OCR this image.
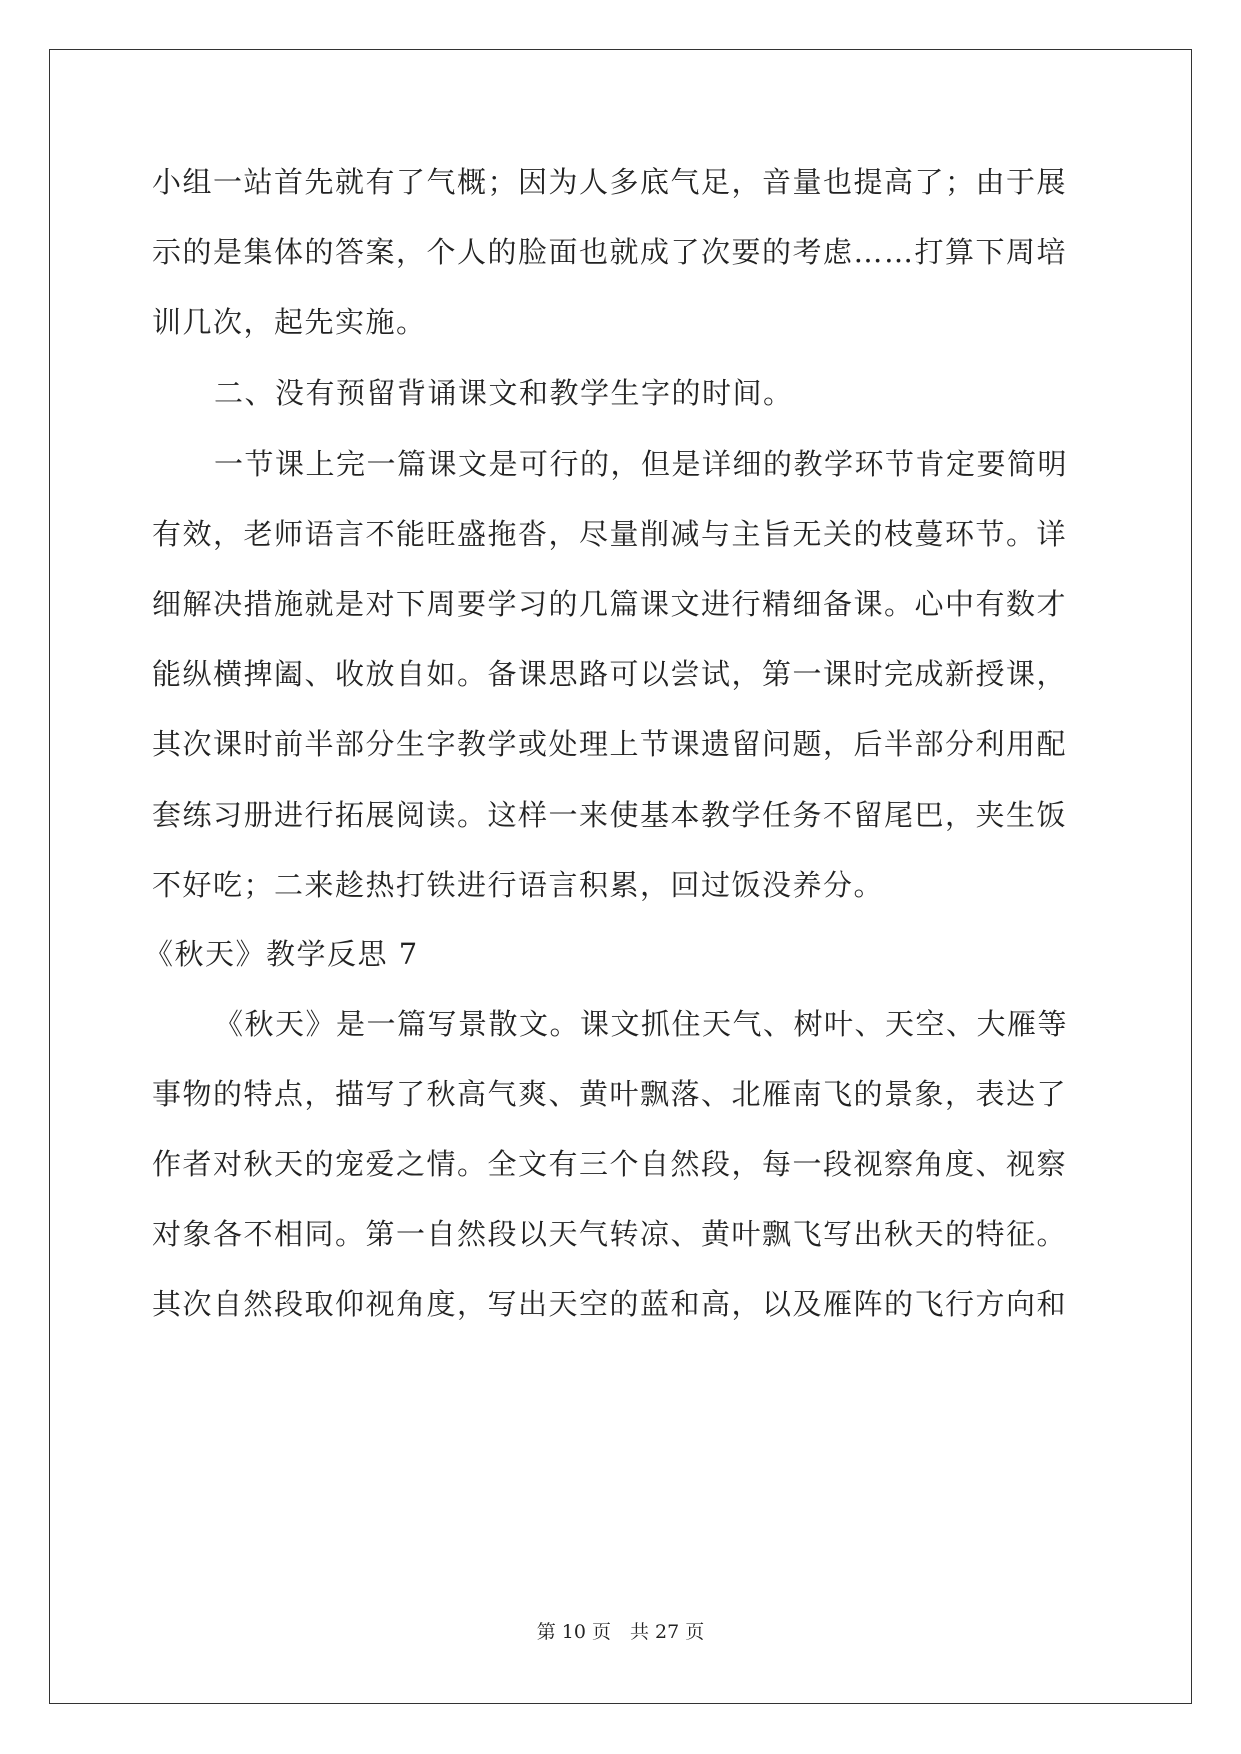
小组一站首先就有了气概；因为人多底气足，音量也提高了；由于展
示的是集体的答案，个人的脸面也就成了次要的考虑……打算下周培
训几次，起先实施。
二、没有预留背诵课文和教学生字的时间。
一节课上完一篇课文是可行的，但是详细的教学环节肯定要简明
有效，老师语言不能旺盛拖沓，尽量削减与主旨无关的枝蔓环节。详
细解决措施就是对下周要学习的几篇课文进行精细备课。心中有数才
能纵横捭阖、收放自如。备课思路可以尝试，第一课时完成新授课，
其次课时前半部分生字教学或处理上节课遗留问题，后半部分利用配
套练习册进行拓展阅读。这样一来使基本教学任务不留尾巴，夹生饭
不好吃；二来趁热打铁进行语言积累，回过饭没养分。
《秋天》教学反思 7
《秋天》是一篇写景散文。课文抓住天气、树叶、天空、大雁等
事物的特点，描写了秋高气爽、黄叶飘落、北雁南飞的景象，表达了
作者对秋天的宠爱之情。全文有三个自然段，每一段视察角度、视察
对象各不相同。第一自然段以天气转凉、黄叶飘飞写出秋天的特征。
其次自然段取仰视角度，写出天空的蓝和高，以及雁阵的飞行方向和
第 10 页　共 27 页
